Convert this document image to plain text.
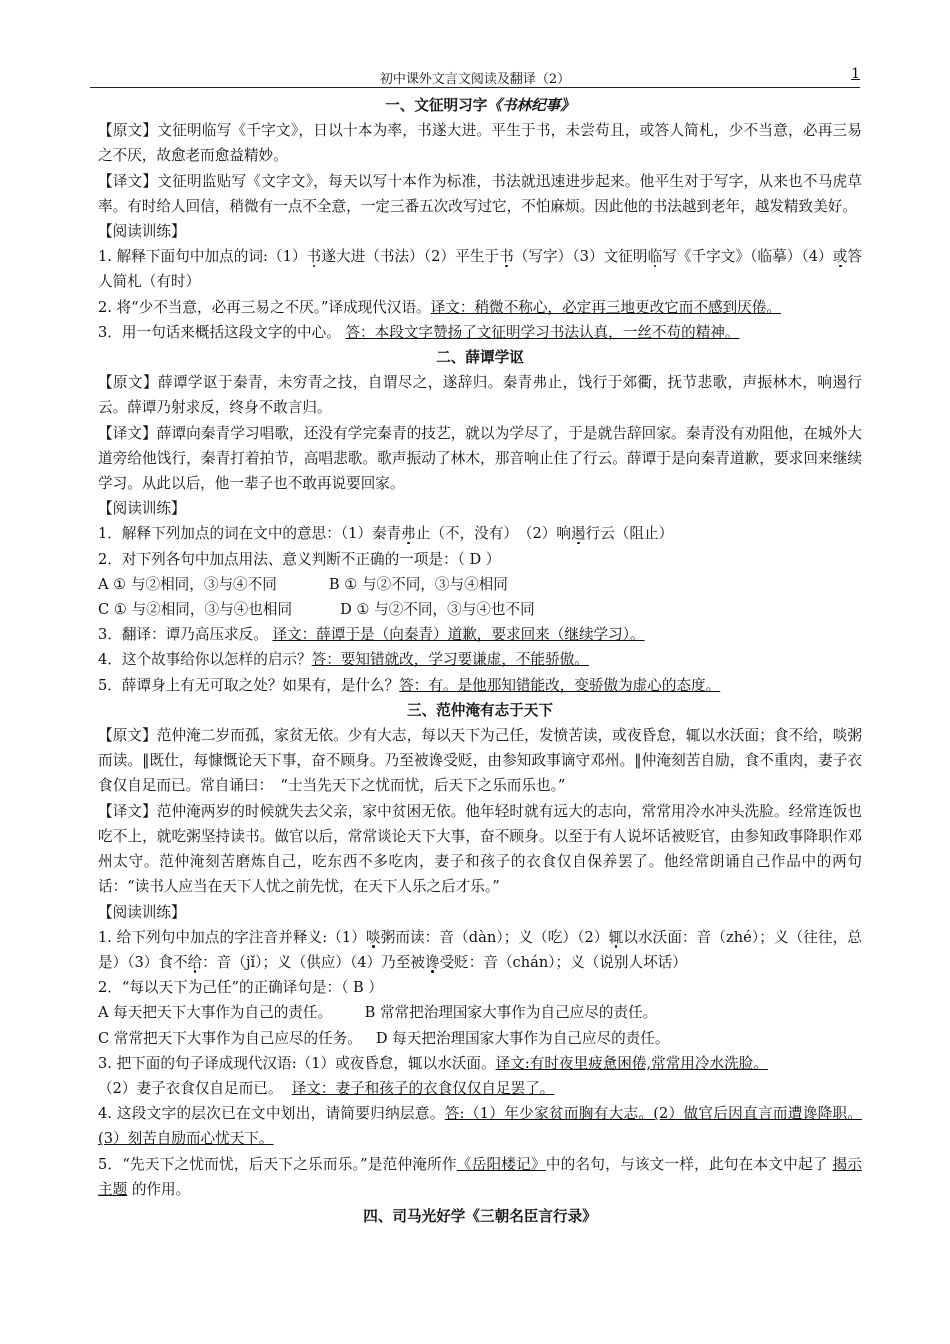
初中课外文言文阅读及翻译（2）	1

一、文征明习字《书林纪事》

【原文】文征明临写《千字文》，日以十本为率，书遂大进。平生于书，未尝苟且，或答人简札，少不当意，必再三易之不厌，故愈老而愈益精妙。

【译文】文征明监贴写《文字文》，每天以写十本作为标准，书法就迅速进步起来。他平生对于写字，从来也不马虎草率。有时给人回信，稍微有一点不全意，一定三番五次改写过它，不怕麻烦。因此他的书法越到老年，越发精致美好。

【阅读训练】

1. 解释下面句中加点的词:（1）书遂大进（书法）（2）平生于书（写字）（3）文征明临写《千字文》（临摹）（4）或答人简札（有时）

2. 将“少不当意，必再三易之不厌。”译成现代汉语。译文：稍微不称心，必定再三地更改它而不感到厌倦。

3．用一句话来概括这段文字的中心。 答：本段文字赞扬了文征明学习书法认真，一丝不苟的精神。

二、薛谭学讴

【原文】薛谭学讴于秦青，未穷青之技，自谓尽之，遂辞归。秦青弗止，饯行于郊衢，抚节悲歌，声振林木，响遏行云。薛谭乃射求反，终身不敢言归。

【译文】薛谭向秦青学习唱歌，还没有学完秦青的技艺，就以为学尽了，于是就告辞回家。秦青没有劝阻他，在城外大道旁给他饯行，秦青打着拍节，高唱悲歌。歌声振动了林木，那音响止住了行云。薛谭于是向秦青道歉，要求回来继续学习。从此以后，他一辈子也不敢再说要回家。

【阅读训练】

1．解释下列加点的词在文中的意思：（1）秦青弗止（不，没有）　（2）响遏行云（阻止）

2．对下列各句中加点用法、意义判断不正确的一项是：（ D ）

A ① 与②相同，③与④不同	B ① 与②不同，③与④相同

C ① 与②相同，③与④也相同	D ① 与②不同，③与④也不同

3．翻译：谭乃高压求反。 译文：薛谭于是（向秦青）道歉，要求回来（继续学习）。

4．这个故事给你以怎样的启示？答：要知错就改，学习要谦虚，不能骄傲。

5．薛谭身上有无可取之处？如果有，是什么？答：有。是他那知错能改，变骄傲为虚心的态度。

三、范仲淹有志于天下

【原文】范仲淹二岁而孤，家贫无依。少有大志，每以天下为己任，发愤苦读，或夜昏怠，辄以水沃面；食不给，啖粥而读。‖既仕，每慷慨论天下事，奋不顾身。乃至被谗受贬，由参知政事谪守邓州。‖仲淹刻苦自励，食不重肉，妻子衣食仅自足而已。常自诵曰：　“士当先天下之忧而忧，后天下之乐而乐也。”

【译文】范仲淹两岁的时候就失去父亲，家中贫困无依。他年轻时就有远大的志向，常常用冷水冲头洗脸。经常连饭也吃不上，就吃粥坚持读书。做官以后，常常谈论天下大事，奋不顾身。以至于有人说坏话被贬官，由参知政事降职作邓州太守。范仲淹刻苦磨炼自己，吃东西不多吃肉，妻子和孩子的衣食仅自保养罢了。他经常朗诵自己作品中的两句话：“读书人应当在天下人忧之前先忧，在天下人乐之后才乐。”

【阅读训练】

1. 给下列句中加点的字注音并释义:（1）啖粥而读：音（dàn）；义（吃）（2）辄以水沃面：音（zhé）；义（往往，总是）（3）食不给：音（jǐ）；义（供应）（4）乃至被谗受贬：音（chán）；义（说别人坏话）

2．“每以天下为己任”的正确译句是：（ B ）

A 每天把天下大事作为自己的责任。 B 常常把治理国家大事作为自己应尽的责任。

C 常常把天下大事作为自己应尽的任务。 D 每天把治理国家大事作为自己应尽的责任。

3. 把下面的句子译成现代汉语:（1）或夜昏怠，辄以水沃面。译文:有时夜里疲惫困倦,常常用冷水洗脸。

（2）妻子衣食仅自足而已。 译文：妻子和孩子的衣食仅仅自足罢了。

4. 这段文字的层次已在文中划出，请简要归纳层意。答:（1）年少家贫而胸有大志。(2）做官后因直言而遭谗降职。(3）刻苦自励而心忧天下。

5．“先天下之忧而忧，后天下之乐而乐。”是范仲淹所作《岳阳楼记》中的名句，与该文一样，此句在本文中起了 揭示主题 的作用。

四、司马光好学《三朝名臣言行录》
